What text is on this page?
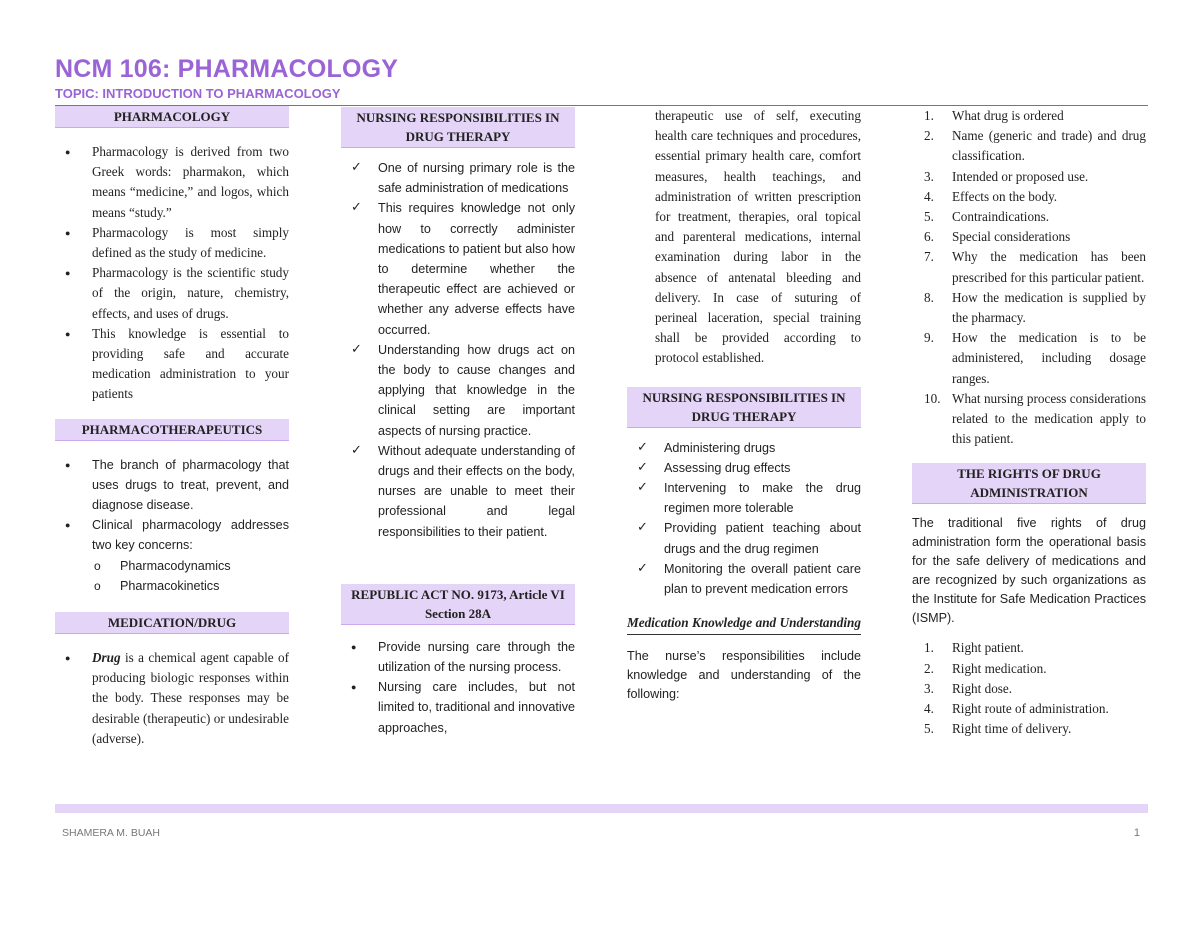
NCM 106: PHARMACOLOGY
TOPIC: INTRODUCTION TO PHARMACOLOGY
PHARMACOLOGY
● Pharmacology is derived from two Greek words: pharmakon, which means “medicine,” and logos, which means “study.”
● Pharmacology is most simply defined as the study of medicine.
● Pharmacology is the scientific study of the origin, nature, chemistry, effects, and uses of drugs.
● This knowledge is essential to providing safe and accurate medication administration to your patients
PHARMACOTHERAPEUTICS
● The branch of pharmacology that uses drugs to treat, prevent, and diagnose disease.
● Clinical pharmacology addresses two key concerns:
o Pharmacodynamics
o Pharmacokinetics
MEDICATION/DRUG
● Drug is a chemical agent capable of producing biologic responses within the body. These responses may be desirable (therapeutic) or undesirable (adverse).
NURSING RESPONSIBILITIES IN DRUG THERAPY
✓ One of nursing primary role is the safe administration of medications
✓ This requires knowledge not only how to correctly administer medications to patient but also how to determine whether the therapeutic effect are achieved or whether any adverse effects have occurred.
✓ Understanding how drugs act on the body to cause changes and applying that knowledge in the clinical setting are important aspects of nursing practice.
✓ Without adequate understanding of drugs and their effects on the body, nurses are unable to meet their professional and legal responsibilities to their patient.
REPUBLIC ACT NO. 9173, Article VI Section 28A
● Provide nursing care through the utilization of the nursing process.
● Nursing care includes, but not limited to, traditional and innovative approaches,

therapeutic use of self, executing health care techniques and procedures, essential primary health care, comfort measures, health teachings, and administration of written prescription for treatment, therapies, oral topical and parenteral medications, internal examination during labor in the absence of antenatal bleeding and delivery. In case of suturing of perineal laceration, special training shall be provided according to protocol established.

NURSING RESPONSIBILITIES IN DRUG THERAPY
✓ Administering drugs
✓ Assessing drug effects
✓ Intervening to make the drug regimen more tolerable
✓ Providing patient teaching about drugs and the drug regimen
✓ Monitoring the overall patient care plan to prevent medication errors

Medication Knowledge and Understanding

The nurse’s responsibilities include knowledge and understanding of the following:

1. What drug is ordered
2. Name (generic and trade) and drug classification.
3. Intended or proposed use.
4. Effects on the body.
5. Contraindications.
6. Special considerations
7. Why the medication has been prescribed for this particular patient.
8. How the medication is supplied by the pharmacy.
9. How the medication is to be administered, including dosage ranges.
10. What nursing process considerations related to the medication apply to this patient.
THE RIGHTS OF DRUG ADMINISTRATION

The traditional five rights of drug administration form the operational basis for the safe delivery of medications and are recognized by such organizations as the Institute for Safe Medication Practices (ISMP).

1. Right patient.
2. Right medication.
3. Right dose.
4. Right route of administration.
5. Right time of delivery.
SHAMERA M. BUAH	1
